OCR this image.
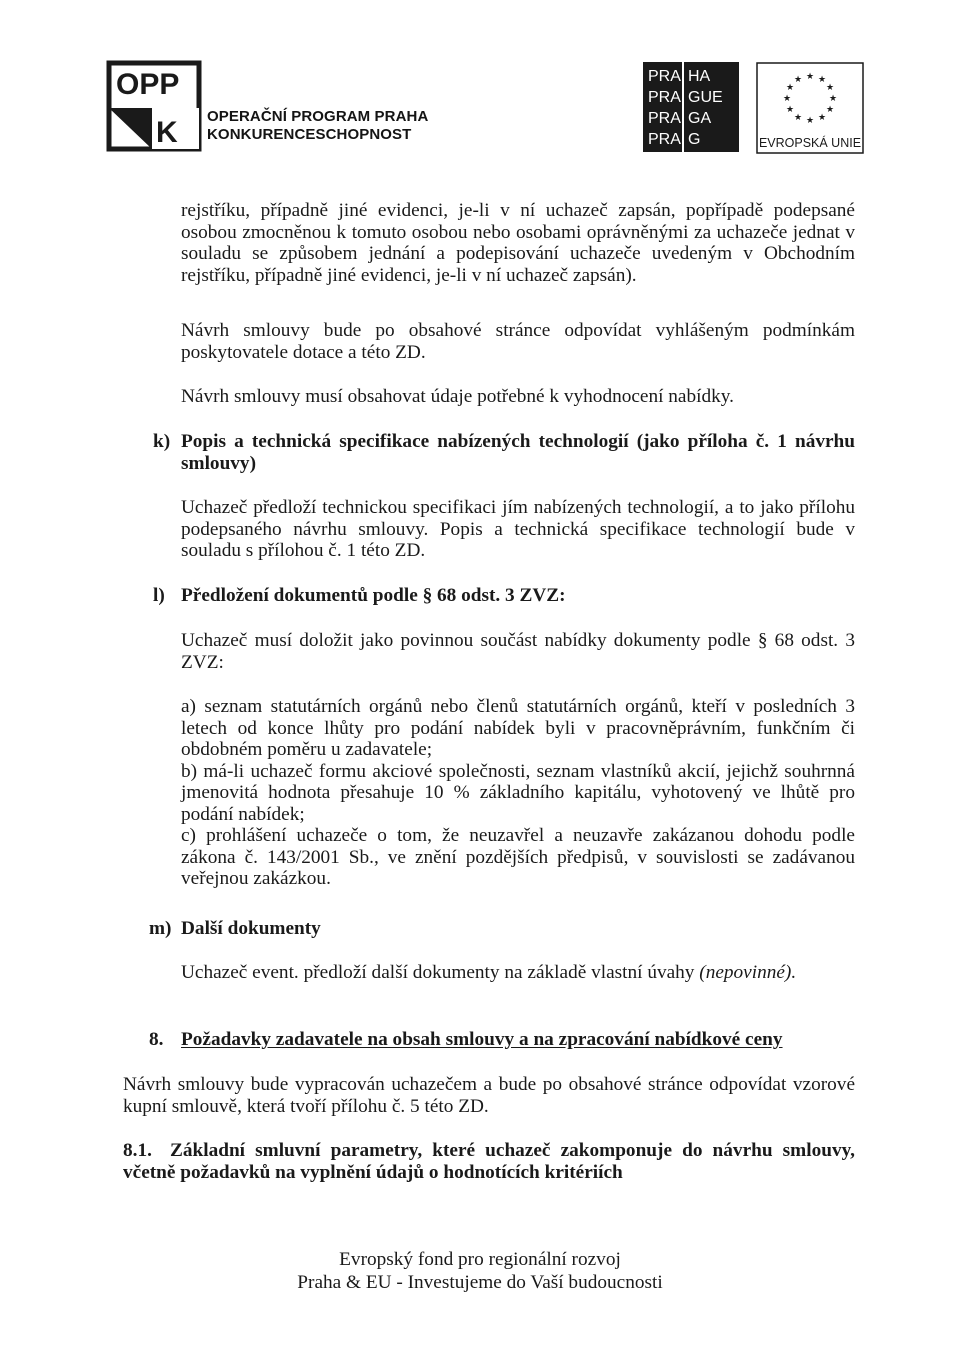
OPP
K OPERAČNÍ PROGRAM PRAHA
KONKURENCESCHOPNOST
PRA HA
PRA GUE
PRA GA
PRA G
★ ★
★
★
★
★
★
★
★
★
★
★
EVROPSKÁ UNIE
rejstříku, případně jiné evidenci, je-li v ní uchazeč zapsán, popřípadě podepsané
osobou zmocněnou k tomuto osobou nebo osobami oprávněnými za uchazeče jednat v
souladu se způsobem jednání a podepisování uchazeče uvedeným v Obchodním
rejstříku, případně jiné evidenci, je-li v ní uchazeč zapsán).
Návrh smlouvy bude po obsahové stránce odpovídat vyhlášeným podmínkám
poskytovatele dotace a této ZD.
Návrh smlouvy musí obsahovat údaje potřebné k vyhodnocení nabídky.
k) Popis a technická specifikace nabízených technologií (jako příloha č. 1 návrhu
smlouvy)
Uchazeč předloží technickou specifikaci jím nabízených technologií, a to jako přílohu
podepsaného návrhu smlouvy. Popis a technická specifikace technologií bude v
souladu s přílohou č. 1 této ZD.
l) Předložení dokumentů podle § 68 odst. 3 ZVZ:
Uchazeč musí doložit jako povinnou součást nabídky dokumenty podle § 68 odst. 3
ZVZ:
a) seznam statutárních orgánů nebo členů statutárních orgánů, kteří v posledních 3
letech od konce lhůty pro podání nabídek byli v pracovněprávním, funkčním či
obdobném poměru u zadavatele;
b) má-li uchazeč formu akciové společnosti, seznam vlastníků akcií, jejichž souhrnná
jmenovitá hodnota přesahuje 10 % základního kapitálu, vyhotovený ve lhůtě pro
podání nabídek;
c) prohlášení uchazeče o tom, že neuzavřel a neuzavře zakázanou dohodu podle
zákona č. 143/2001 Sb., ve znění pozdějších předpisů, v souvislosti se zadávanou
veřejnou zakázkou.
m) Další dokumenty
Uchazeč event. předloží další dokumenty na základě vlastní úvahy (nepovinné).
8. Požadavky zadavatele na obsah smlouvy a na zpracování nabídkové ceny
Návrh smlouvy bude vypracován uchazečem a bude po obsahové stránce odpovídat vzorové
kupní smlouvě, která tvoří přílohu č. 5 této ZD.
8.1. Základní smluvní parametry, které uchazeč zakomponuje do návrhu smlouvy,
včetně požadavků na vyplnění údajů o hodnotících kritériích
Evropský fond pro regionální rozvoj
Praha & EU - Investujeme do Vaší budoucnosti
